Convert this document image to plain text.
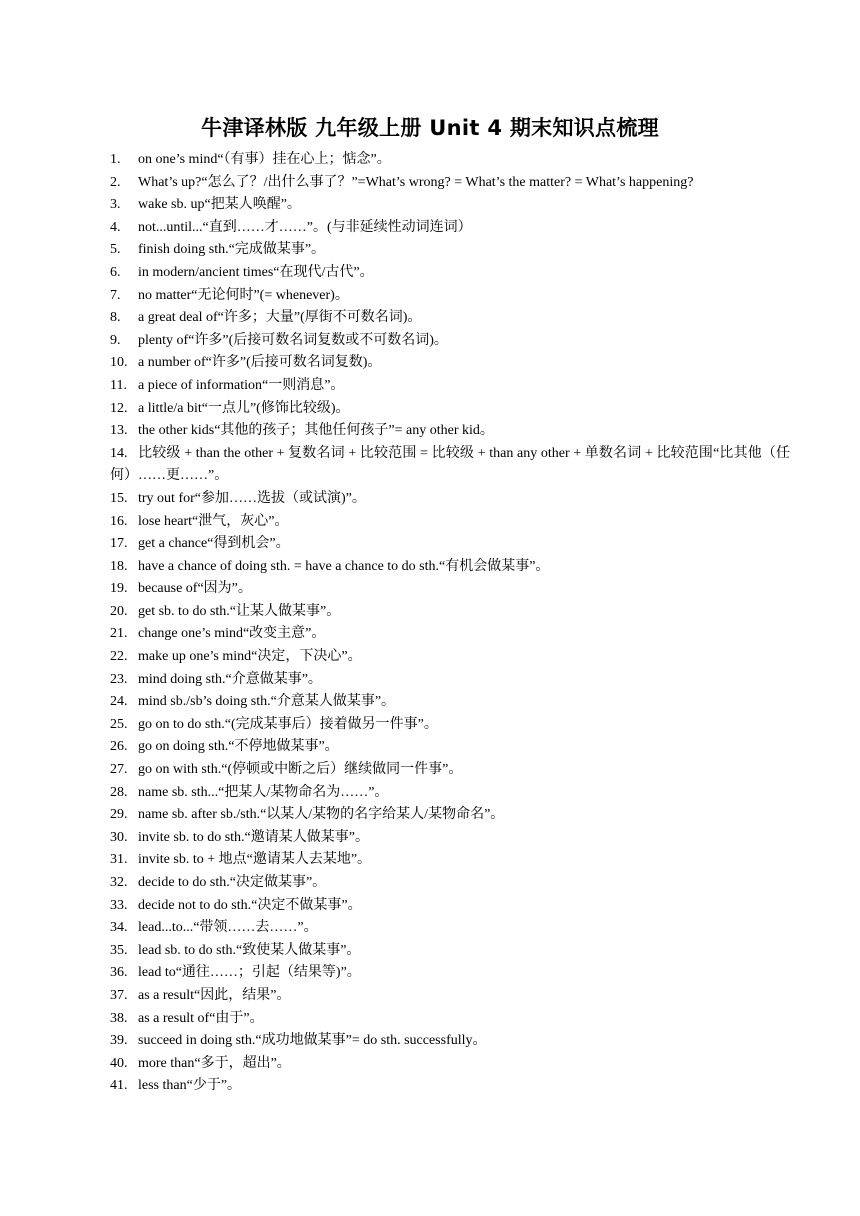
牛津译林版 九年级上册 Unit 4 期末知识点梳理
1. on one’s mind“（有事）挂在心上；惦念”。
2. What’s up?“怎么了？/出什么事了？”=What’s wrong? = What’s the matter? = What’s happening?
3. wake sb. up“把某人唤醒”。
4. not...until...“直到……才……”。(与非延续性动词连词）
5. finish doing sth.“完成做某事”。
6. in modern/ancient times“在现代/古代”。
7. no matter“无论何时”(= whenever)。
8. a great deal of“许多；大量”(厚街不可数名词)。
9. plenty of“许多”(后接可数名词复数或不可数名词)。
10. a number of“许多”(后接可数名词复数)。
11. a piece of information“一则消息”。
12. a little/a bit“一点儿”(修饰比较级)。
13. the other kids“其他的孩子；其他任何孩子”= any other kid。
14. 比较级 + than the other + 复数名词 + 比较范围 = 比较级 + than any other + 单数名词 + 比较范围“比其他（任何）……更……”。
15. try out for“参加……选拔（或试演)”。
16. lose heart“泄气，灰心”。
17. get a chance“得到机会”。
18. have a chance of doing sth. = have a chance to do sth.“有机会做某事”。
19. because of“因为”。
20. get sb. to do sth.“让某人做某事”。
21. change one’s mind“改变主意”。
22. make up one’s mind“决定，下决心”。
23. mind doing sth.“介意做某事”。
24. mind sb./sb’s doing sth.“介意某人做某事”。
25. go on to do sth.“(完成某事后）接着做另一件事”。
26. go on doing sth.“不停地做某事”。
27. go on with sth.“(停顿或中断之后）继续做同一件事”。
28. name sb. sth...“把某人/某物命名为……”。
29. name sb. after sb./sth.“以某人/某物的名字给某人/某物命名”。
30. invite sb. to do sth.“邀请某人做某事”。
31. invite sb. to + 地点“邀请某人去某地”。
32. decide to do sth.“决定做某事”。
33. decide not to do sth.“决定不做某事”。
34. lead...to...“带领……去……”。
35. lead sb. to do sth.“致使某人做某事”。
36. lead to“通往……；引起（结果等)”。
37. as a result“因此，结果”。
38. as a result of“由于”。
39. succeed in doing sth.“成功地做某事”= do sth. successfully。
40. more than“多于，超出”。
41. less than“少于”。
